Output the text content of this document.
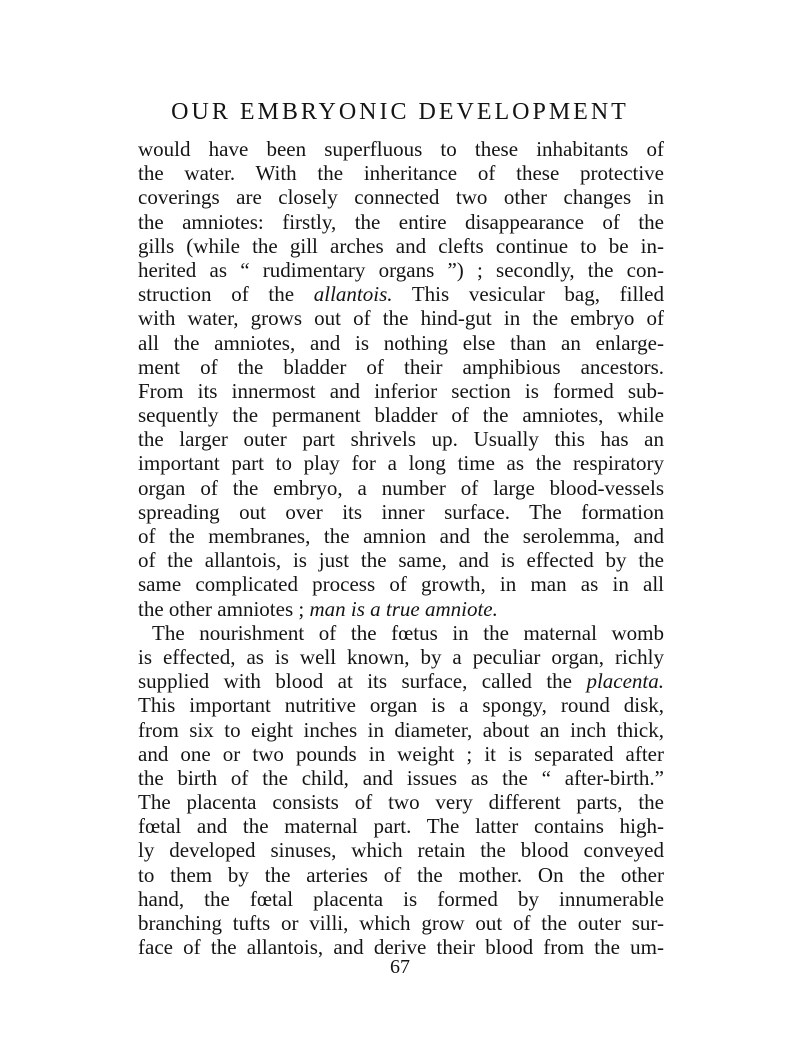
OUR EMBRYONIC DEVELOPMENT
would have been superfluous to these inhabitants of
the water. With the inheritance of these protective
coverings are closely connected two other changes in
the amniotes: firstly, the entire disappearance of the
gills (while the gill arches and clefts continue to be in-
herited as “ rudimentary organs ”) ; secondly, the con-
struction of the allantois. This vesicular bag, filled
with water, grows out of the hind-gut in the embryo of
all the amniotes, and is nothing else than an enlarge-
ment of the bladder of their amphibious ancestors.
From its innermost and inferior section is formed sub-
sequently the permanent bladder of the amniotes, while
the larger outer part shrivels up. Usually this has an
important part to play for a long time as the respiratory
organ of the embryo, a number of large blood-vessels
spreading out over its inner surface. The formation
of the membranes, the amnion and the serolemma, and
of the allantois, is just the same, and is effected by the
same complicated process of growth, in man as in all
the other amniotes ; man is a true amniote.
The nourishment of the fœtus in the maternal womb
is effected, as is well known, by a peculiar organ, richly
supplied with blood at its surface, called the placenta.
This important nutritive organ is a spongy, round disk,
from six to eight inches in diameter, about an inch thick,
and one or two pounds in weight ; it is separated after
the birth of the child, and issues as the “ after-birth.”
The placenta consists of two very different parts, the
fœtal and the maternal part. The latter contains high-
ly developed sinuses, which retain the blood conveyed
to them by the arteries of the mother. On the other
hand, the fœtal placenta is formed by innumerable
branching tufts or villi, which grow out of the outer sur-
face of the allantois, and derive their blood from the um-
67
